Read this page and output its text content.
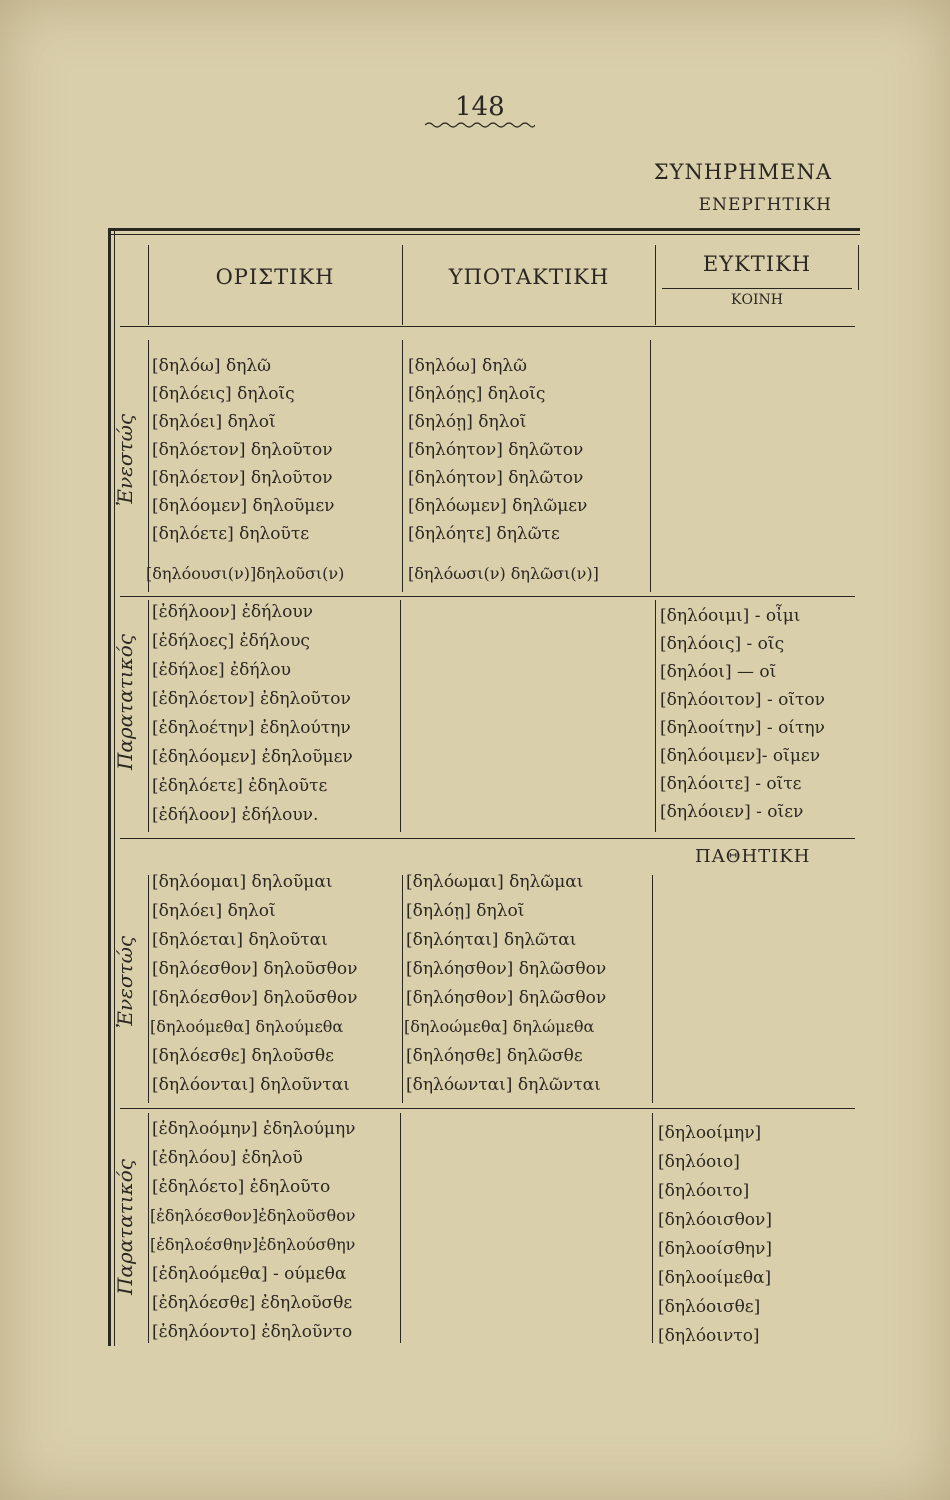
148
ΣΥΝΗΡΗΜΕΝΑ
ΕΝΕΡΓΗΤΙΚΗ
ΟΡΙΣΤΙΚΗ	ΥΠΟΤΑΚΤΙΚΗ
ΕΥΚΤΙΚΗ
ΚΟΙΝΗ
Ἐνεστώς
Παρατατικός
Ἐνεστώς
Παρατατικός
ΠΑΘΗΤΙΚΗ
[δηλόω] δηλῶ
[δηλόεις] δηλοῖς
[δηλόει] δηλοῖ
[δηλόετον] δηλοῦτον
[δηλόετον] δηλοῦτον
[δηλόομεν] δηλοῦμεν
[δηλόετε] δηλοῦτε
[δηλόουσι(ν)]δηλοῦσι(ν)
[δηλόω] δηλῶ
[δηλόῃς] δηλοῖς
[δηλόῃ] δηλοῖ
[δηλόητον] δηλῶτον
[δηλόητον] δηλῶτον
[δηλόωμεν] δηλῶμεν
[δηλόητε] δηλῶτε
[δηλόωσι(ν) δηλῶσι(ν)]
[ἐδήλοον] ἐδήλουν
[ἐδήλοες] ἐδήλους
[ἐδήλοε] ἐδήλου
[ἐδηλόετον] ἐδηλοῦτον
[ἐδηλοέτην] ἐδηλούτην
[ἐδηλόομεν] ἐδηλοῦμεν
[ἐδηλόετε] ἐδηλοῦτε
[ἐδήλοον] ἐδήλουν.
[δηλόοιμι] - οἶμι
[δηλόοις] - οῖς
[δηλόοι] — οῖ
[δηλόοιτον] - οῖτον
[δηλοοίτην] - οίτην
[δηλόοιμεν]- οῖμεν
[δηλόοιτε] - οῖτε
[δηλόοιεν] - οῖεν
[δηλόομαι] δηλοῦμαι
[δηλόει] δηλοῖ
[δηλόεται] δηλοῦται
[δηλόεσθον] δηλοῦσθον
[δηλόεσθον] δηλοῦσθον
[δηλοόμεθα] δηλούμεθα
[δηλόεσθε] δηλοῦσθε
[δηλόονται] δηλοῦνται
[δηλόωμαι] δηλῶμαι
[δηλόῃ] δηλοῖ
[δηλόηται] δηλῶται
[δηλόησθον] δηλῶσθον
[δηλόησθον] δηλῶσθον
[δηλοώμεθα] δηλώμεθα
[δηλόησθε] δηλῶσθε
[δηλόωνται] δηλῶνται
[ἐδηλοόμην] ἐδηλούμην
[ἐδηλόου] ἐδηλοῦ
[ἐδηλόετο] ἐδηλοῦτο
[ἐδηλόεσθον]ἐδηλοῦσθον
[ἐδηλοέσθην]ἐδηλούσθην
[ἐδηλοόμεθα] - ούμεθα
[ἐδηλόεσθε] ἐδηλοῦσθε
[ἐδηλόοντο] ἐδηλοῦντο
[δηλοοίμην]
[δηλόοιο]
[δηλόοιτο]
[δηλόοισθον]
[δηλοοίσθην]
[δηλοοίμεθα]
[δηλόοισθε]
[δηλόοιντο]
